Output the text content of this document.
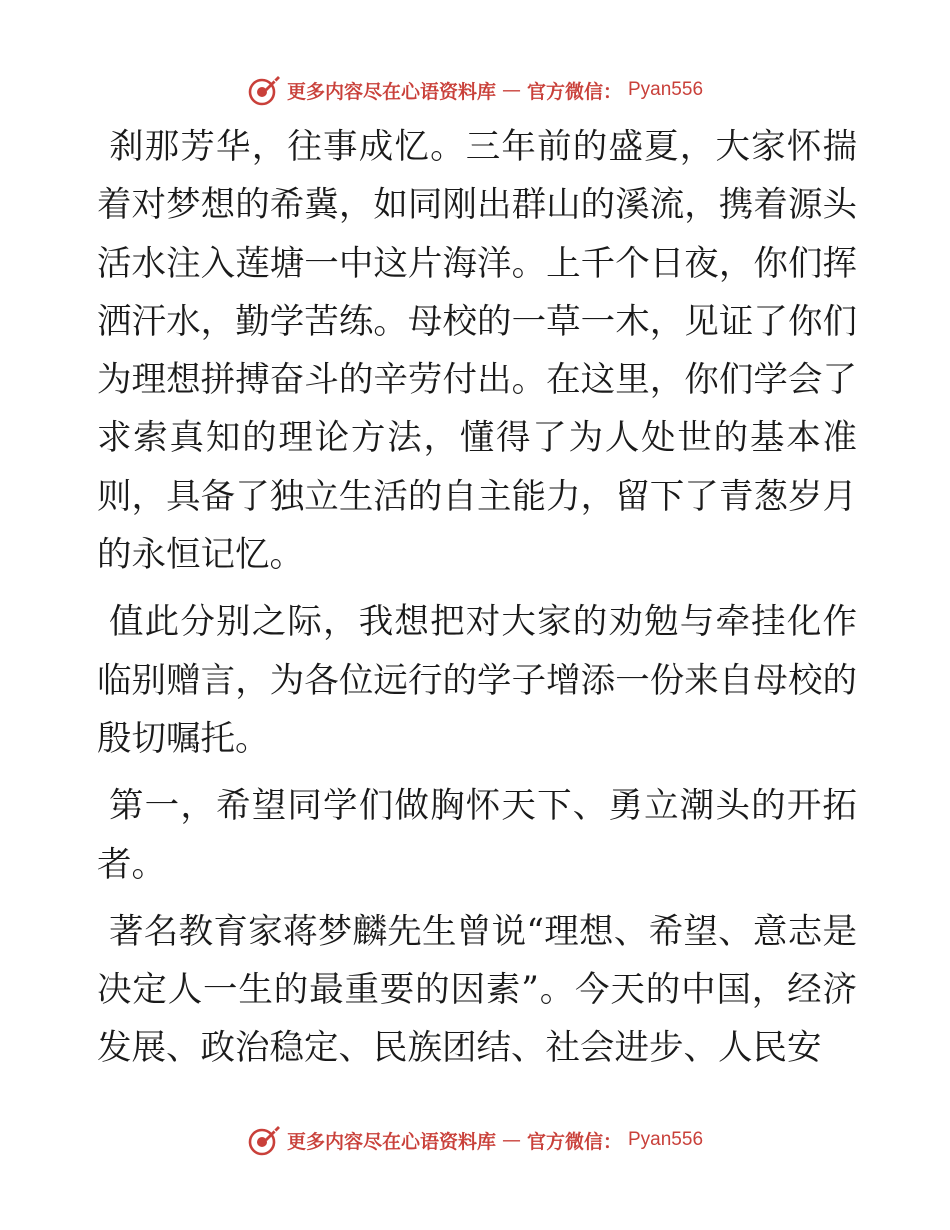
更多内容尽在心语资料库 — 官方微信： Pyan556

刹那芳华，往事成忆。三年前的盛夏，大家怀揣着对梦想的希冀，如同刚出群山的溪流，携着源头活水注入莲塘一中这片海洋。上千个日夜，你们挥洒汗水，勤学苦练。母校的一草一木，见证了你们为理想拼搏奋斗的辛劳付出。在这里，你们学会了求索真知的理论方法，懂得了为人处世的基本准则，具备了独立生活的自主能力，留下了青葱岁月的永恒记忆。

值此分别之际，我想把对大家的劝勉与牵挂化作临别赠言，为各位远行的学子增添一份来自母校的殷切嘱托。

第一，希望同学们做胸怀天下、勇立潮头的开拓者。

著名教育家蒋梦麟先生曾说“理想、希望、意志是决定人一生的最重要的因素”。今天的中国，经济发展、政治稳定、民族团结、社会进步、人民安

更多内容尽在心语资料库 — 官方微信： Pyan556
